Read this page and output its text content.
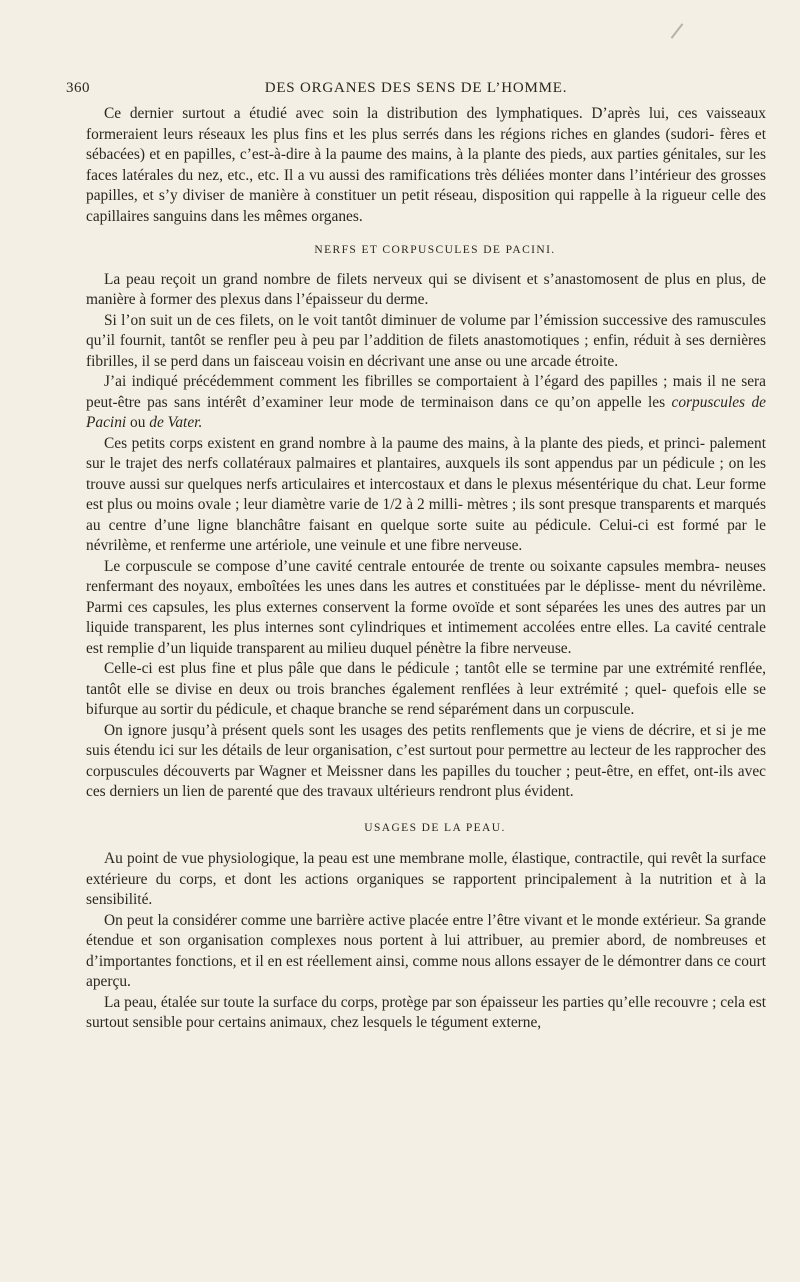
360	DES ORGANES DES SENS DE L’HOMME.

Ce dernier surtout a étudié avec soin la distribution des lymphatiques. D’après lui, ces vaisseaux formeraient leurs réseaux les plus fins et les plus serrés dans les régions riches en glandes (sudori- fères et sébacées) et en papilles, c’est-à-dire à la paume des mains, à la plante des pieds, aux parties génitales, sur les faces latérales du nez, etc., etc. Il a vu aussi des ramifications très déliées monter dans l’intérieur des grosses papilles, et s’y diviser de manière à constituer un petit réseau, disposition qui rappelle à la rigueur celle des capillaires sanguins dans les mêmes organes.

NERFS ET CORPUSCULES DE PACINI.

La peau reçoit un grand nombre de filets nerveux qui se divisent et s’anastomosent de plus en plus, de manière à former des plexus dans l’épaisseur du derme.

Si l’on suit un de ces filets, on le voit tantôt diminuer de volume par l’émission successive des ramuscules qu’il fournit, tantôt se renfler peu à peu par l’addition de filets anastomotiques ; enfin, réduit à ses dernières fibrilles, il se perd dans un faisceau voisin en décrivant une anse ou une arcade étroite.

J’ai indiqué précédemment comment les fibrilles se comportaient à l’égard des papilles ; mais il ne sera peut-être pas sans intérêt d’examiner leur mode de terminaison dans ce qu’on appelle les corpuscules de Pacini ou de Vater.

Ces petits corps existent en grand nombre à la paume des mains, à la plante des pieds, et princi- palement sur le trajet des nerfs collatéraux palmaires et plantaires, auxquels ils sont appendus par un pédicule ; on les trouve aussi sur quelques nerfs articulaires et intercostaux et dans le plexus mésentérique du chat. Leur forme est plus ou moins ovale ; leur diamètre varie de 1/2 à 2 milli- mètres ; ils sont presque transparents et marqués au centre d’une ligne blanchâtre faisant en quelque sorte suite au pédicule. Celui-ci est formé par le névrilème, et renferme une artériole, une veinule et une fibre nerveuse.

Le corpuscule se compose d’une cavité centrale entourée de trente ou soixante capsules membra- neuses renfermant des noyaux, emboîtées les unes dans les autres et constituées par le déplisse- ment du névrilème. Parmi ces capsules, les plus externes conservent la forme ovoïde et sont séparées les unes des autres par un liquide transparent, les plus internes sont cylindriques et intimement accolées entre elles. La cavité centrale est remplie d’un liquide transparent au milieu duquel pénètre la fibre nerveuse.

Celle-ci est plus fine et plus pâle que dans le pédicule ; tantôt elle se termine par une extrémité renflée, tantôt elle se divise en deux ou trois branches également renflées à leur extrémité ; quel- quefois elle se bifurque au sortir du pédicule, et chaque branche se rend séparément dans un corpuscule.

On ignore jusqu’à présent quels sont les usages des petits renflements que je viens de décrire, et si je me suis étendu ici sur les détails de leur organisation, c’est surtout pour permettre au lecteur de les rapprocher des corpuscules découverts par Wagner et Meissner dans les papilles du toucher ; peut-être, en effet, ont-ils avec ces derniers un lien de parenté que des travaux ultérieurs rendront plus évident.

USAGES DE LA PEAU.

Au point de vue physiologique, la peau est une membrane molle, élastique, contractile, qui revêt la surface extérieure du corps, et dont les actions organiques se rapportent principalement à la nutrition et à la sensibilité.

On peut la considérer comme une barrière active placée entre l’être vivant et le monde extérieur. Sa grande étendue et son organisation complexes nous portent à lui attribuer, au premier abord, de nombreuses et d’importantes fonctions, et il en est réellement ainsi, comme nous allons essayer de le démontrer dans ce court aperçu.

La peau, étalée sur toute la surface du corps, protège par son épaisseur les parties qu’elle recouvre ; cela est surtout sensible pour certains animaux, chez lesquels le tégument externe,
